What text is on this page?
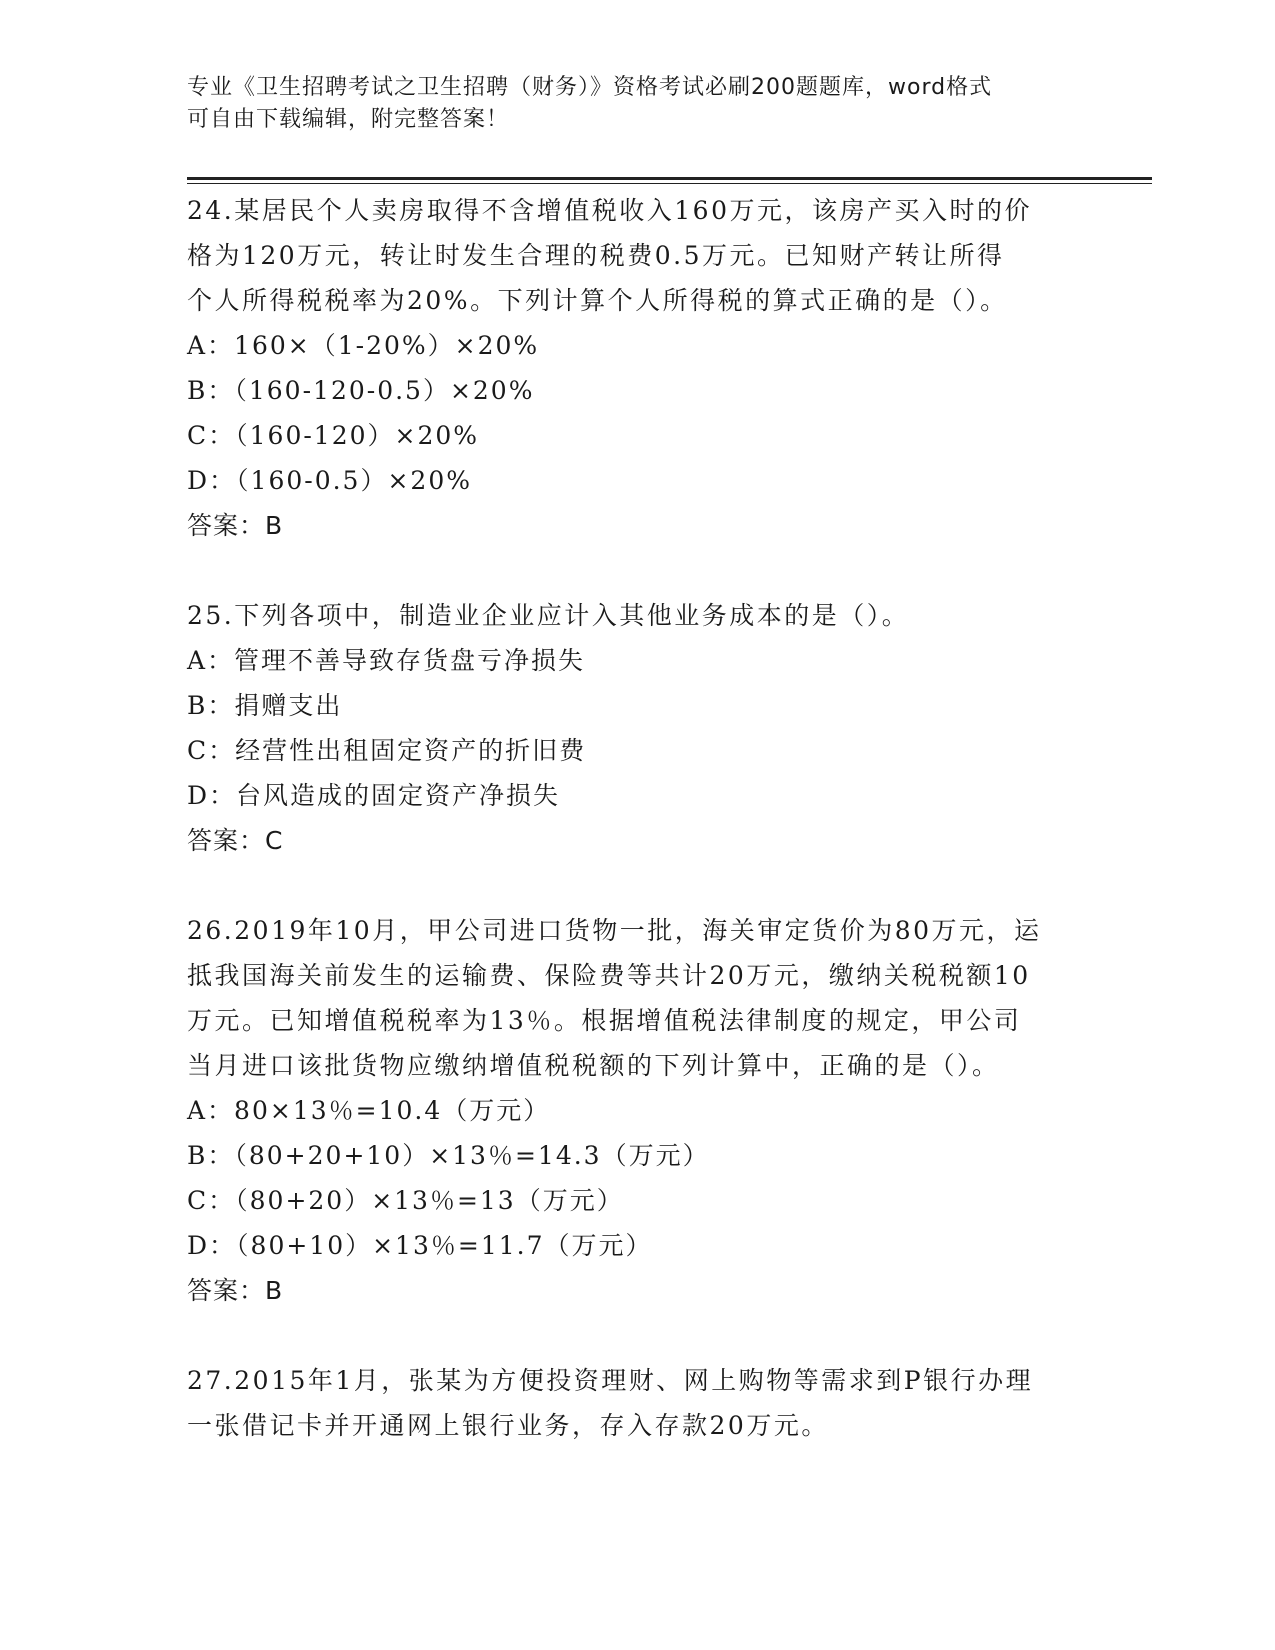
专业《卫生招聘考试之卫生招聘（财务）》资格考试必刷200题题库，word格式
可自由下载编辑，附完整答案！
24.某居民个人卖房取得不含增值税收入160万元，该房产买入时的价
格为120万元，转让时发生合理的税费0.5万元。已知财产转让所得
个人所得税税率为20%。下列计算个人所得税的算式正确的是（）。
A：160×（1-20%）×20%
B：（160-120-0.5）×20%
C：（160-120）×20%
D：（160-0.5）×20%
答案：B
25.下列各项中，制造业企业应计入其他业务成本的是（）。
A：管理不善导致存货盘亏净损失
B：捐赠支出
C：经营性出租固定资产的折旧费
D：台风造成的固定资产净损失
答案：C
26.2019年10月，甲公司进口货物一批，海关审定货价为80万元，运
抵我国海关前发生的运输费、保险费等共计20万元，缴纳关税税额10
万元。已知增值税税率为13％。根据增值税法律制度的规定，甲公司
当月进口该批货物应缴纳增值税税额的下列计算中，正确的是（）。
A：80×13％=10.4（万元）
B：（80+20+10）×13％=14.3（万元）
C：（80+20）×13％=13（万元）
D：（80+10）×13％=11.7（万元）
答案：B
27.2015年1月，张某为方便投资理财、网上购物等需求到P银行办理
一张借记卡并开通网上银行业务，存入存款20万元。
